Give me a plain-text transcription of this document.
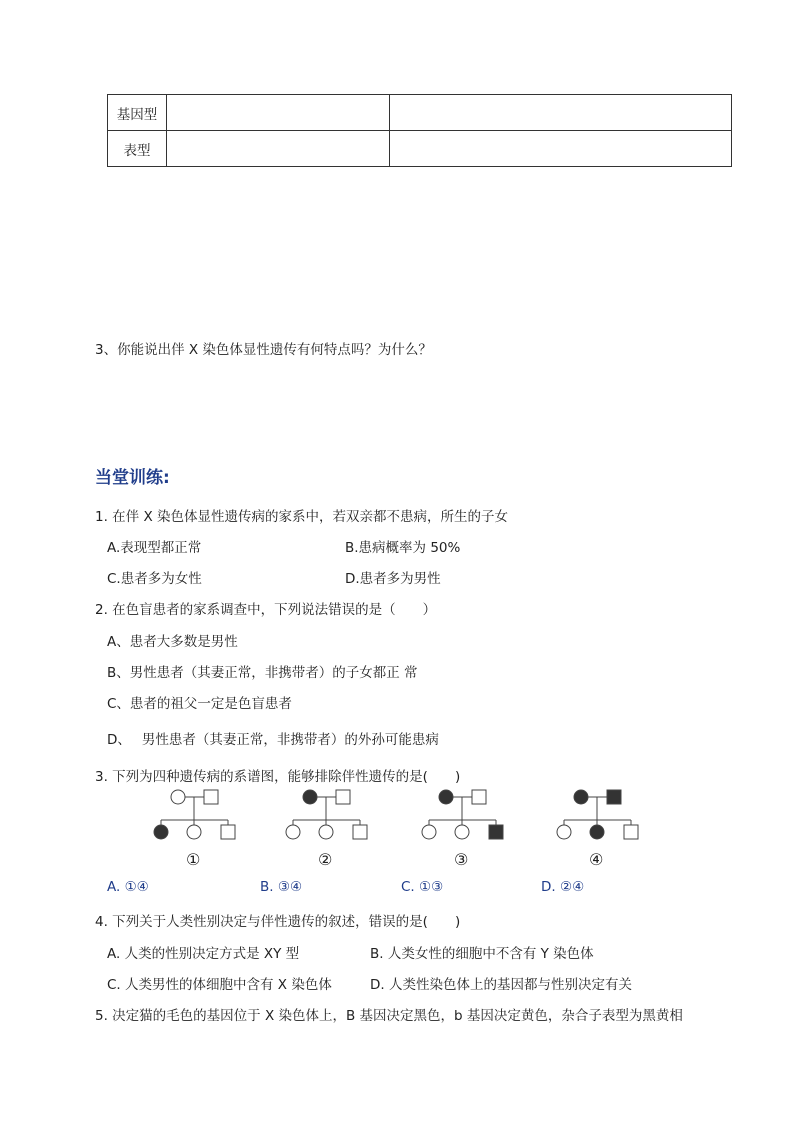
基因型		
表型		
3、你能说出伴 X 染色体显性遗传有何特点吗？为什么？
当堂训练:
1. 在伴 X 染色体显性遗传病的家系中，若双亲都不患病，所生的子女
A.表现型都正常	B.患病概率为 50%
C.患者多为女性	D.患者多为男性
2. 在色盲患者的家系调查中，下列说法错误的是（　　）
A、患者大多数是男性
B、男性患者（其妻正常，非携带者）的子女都正 常
C、患者的祖父一定是色盲患者
D、　 男性患者（其妻正常，非携带者）的外孙可能患病
3. 下列为四种遗传病的系谱图，能够排除伴性遗传的是(　　)
①	②	③	④
A. ①④	B. ③④	C. ①③	D. ②④
4. 下列关于人类性别决定与伴性遗传的叙述，错误的是(　　)
A. 人类的性别决定方式是 XY 型	B. 人类女性的细胞中不含有 Y 染色体
C. 人类男性的体细胞中含有 X 染色体	D. 人类性染色体上的基因都与性别决定有关
5. 决定猫的毛色的基因位于 X 染色体上，B 基因决定黑色，b 基因决定黄色，杂合子表型为黑黄相
